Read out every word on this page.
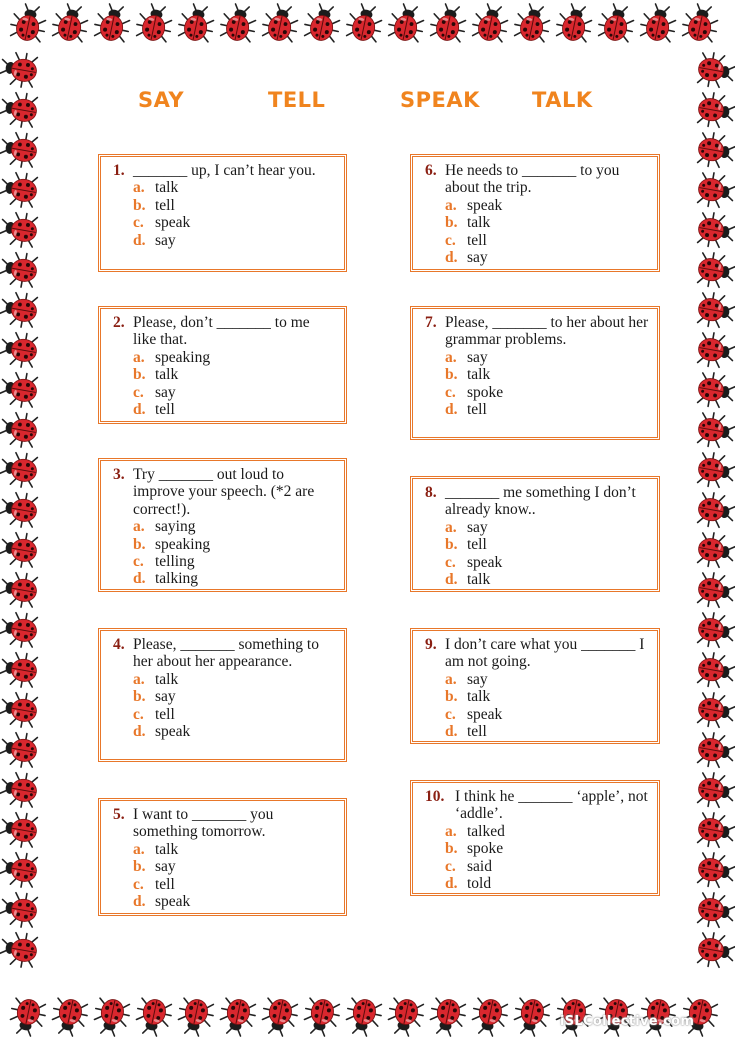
SAY	TELL	SPEAK TALK
1. _______ up, I can’t hear you.
a. talk
b. tell
c. speak
d. say
2. Please, don’t _______ to me like that.
a. speaking
b. talk
c. say
d. tell
3. Try _______ out loud to improve your speech. (*2 are correct!).
a. saying
b. speaking
c. telling
d. talking
4. Please, _______ something to her about her appearance.
a. talk
b. say
c. tell
d. speak
5. I want to _______ you something tomorrow.
a. talk
b. say
c. tell
d. speak
6. He needs to _______ to you about the trip.
a. speak
b. talk
c. tell
d. say
7. Please, _______ to her about her grammar problems.
a. say
b. talk
c. spoke
d. tell
8. _______ me something I don’t already know..
a. say
b. tell
c. speak
d. talk
9. I don’t care what you _______ I am not going.
a. say
b. talk
c. speak
d. tell
10. I think he _______ ‘apple’, not ‘addle’.
a. talked
b. spoke
c. said
d. told
iSLCollective.com
